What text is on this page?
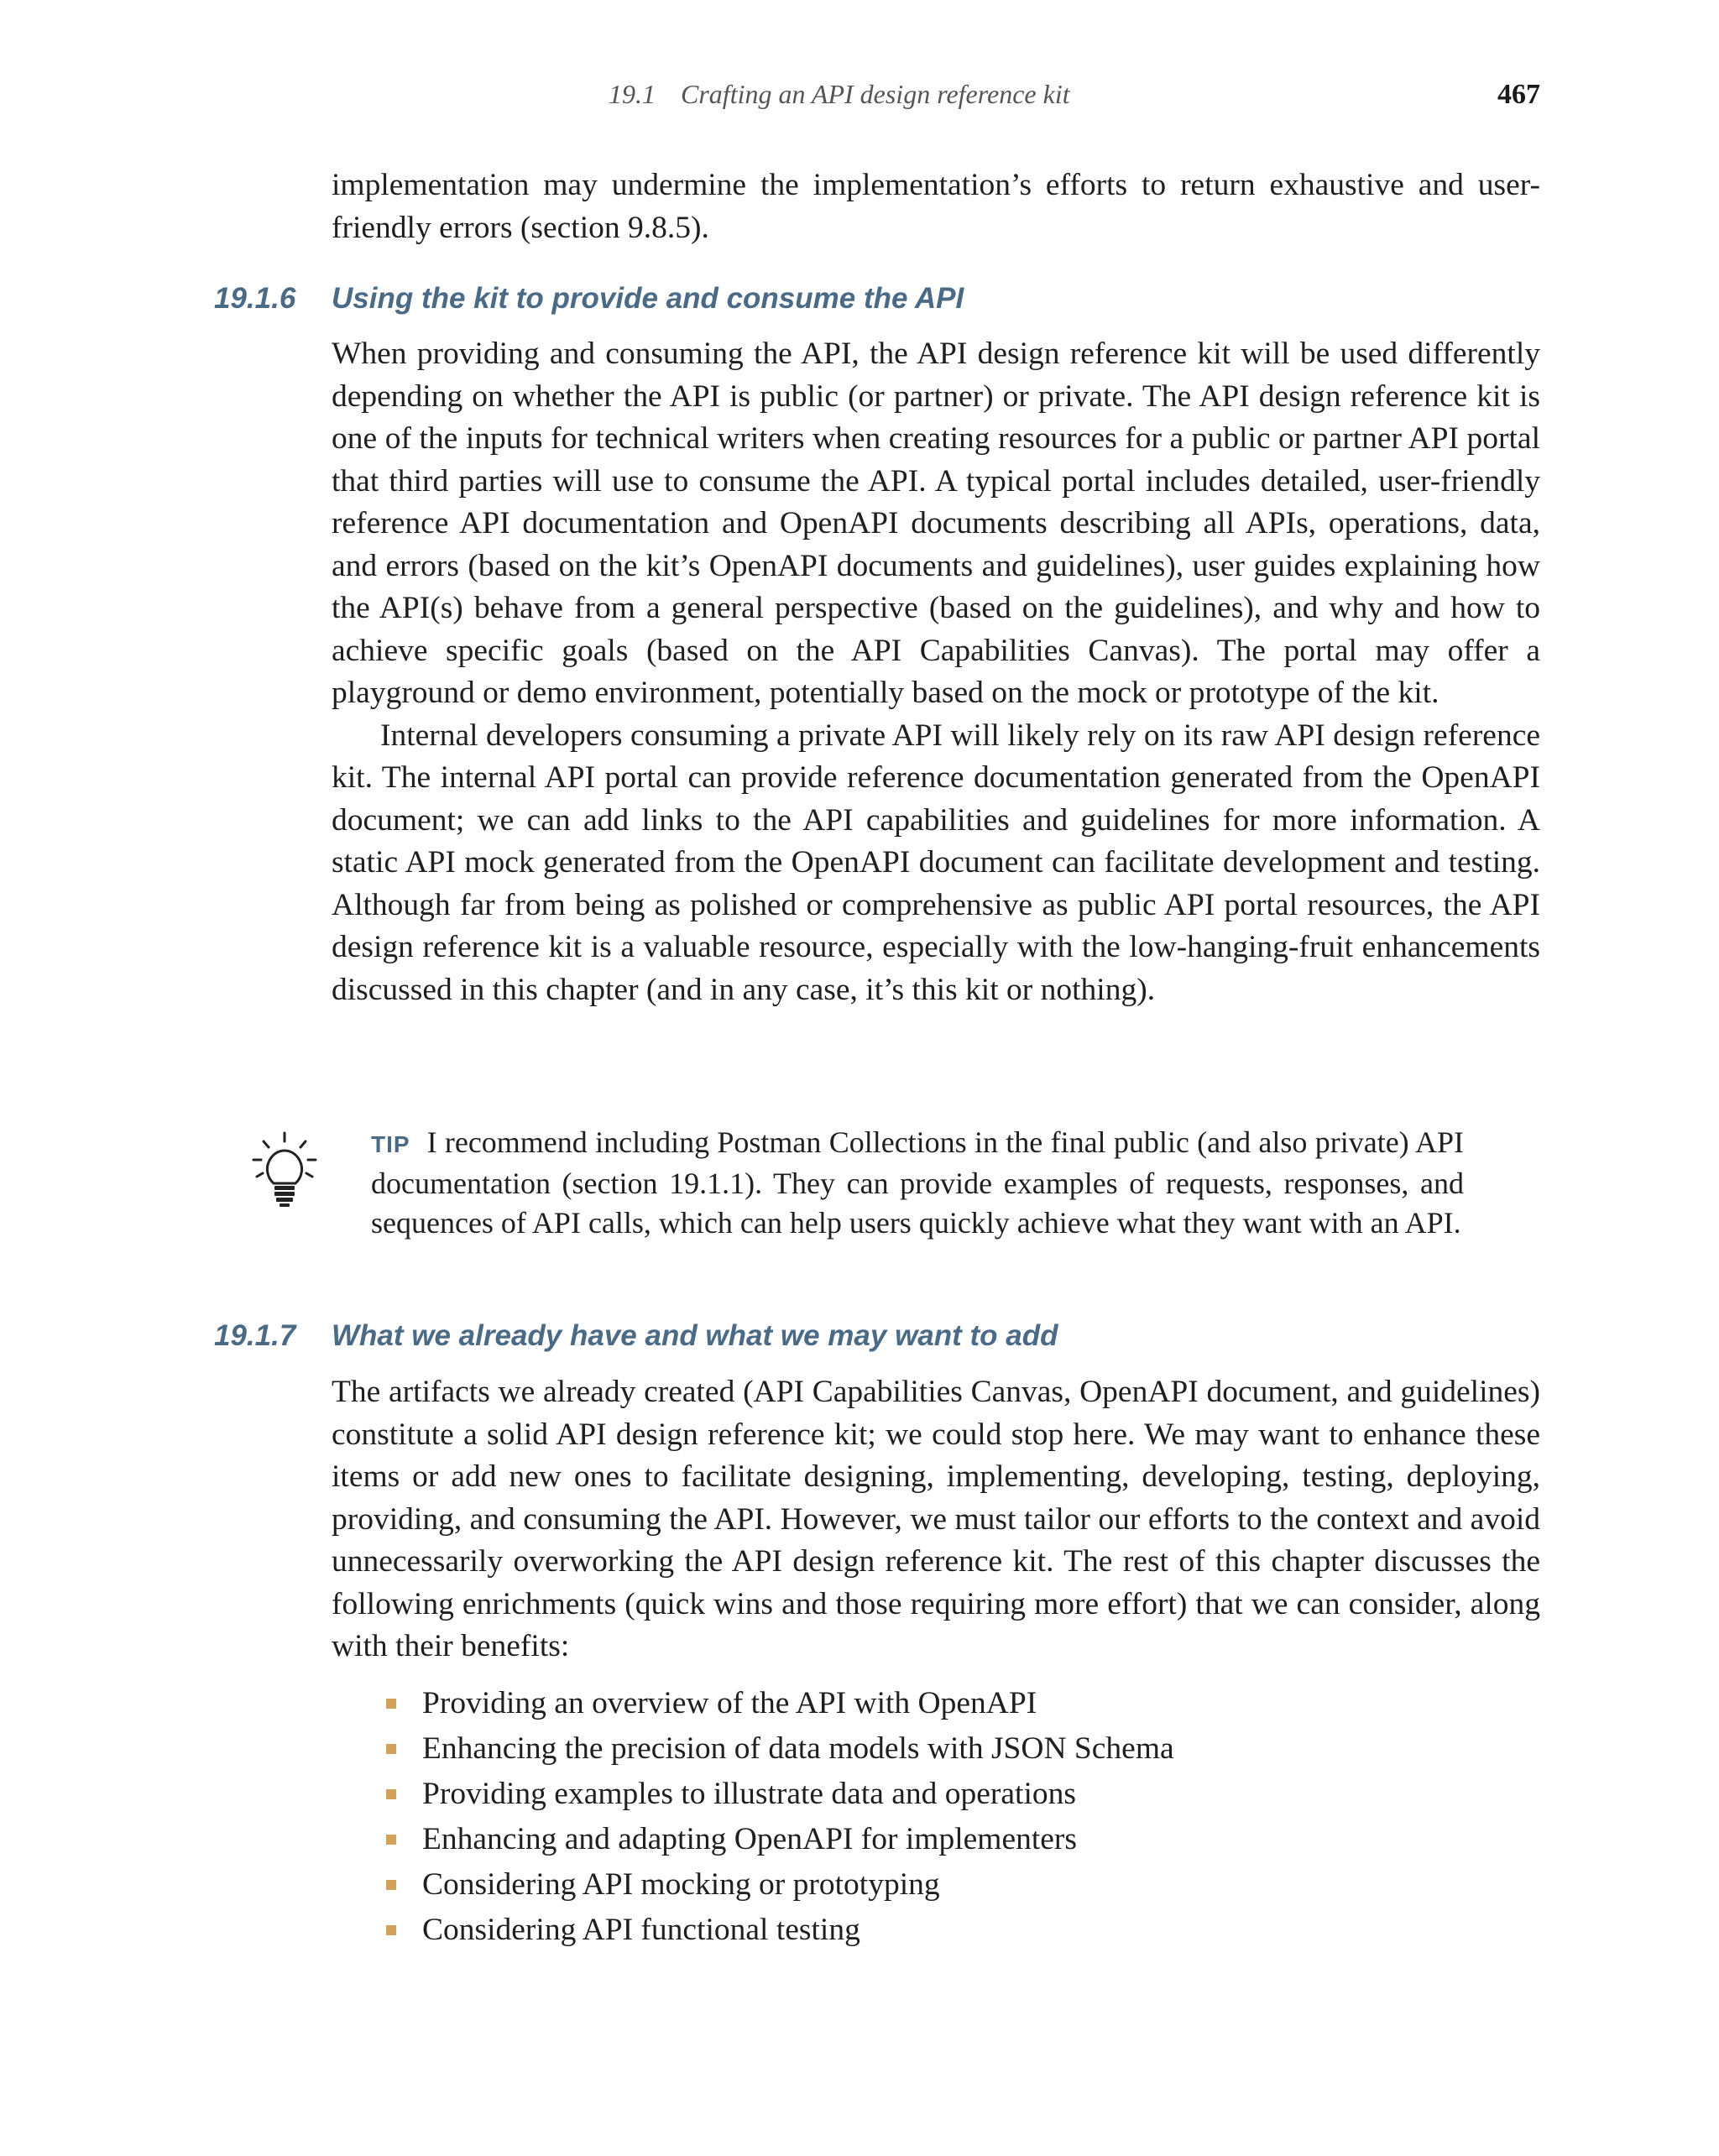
19.1 Crafting an API design reference kit	467

implementation may undermine the implementation’s efforts to return exhaustive and user-friendly errors (section 9.8.5).

19.1.6 Using the kit to provide and consume the API

When providing and consuming the API, the API design reference kit will be used differently depending on whether the API is public (or partner) or private. The API design reference kit is one of the inputs for technical writers when creating resources for a public or partner API portal that third parties will use to consume the API. A typical portal includes detailed, user-friendly reference API documentation and OpenAPI documents describing all APIs, operations, data, and errors (based on the kit’s OpenAPI documents and guidelines), user guides explaining how the API(s) behave from a general perspective (based on the guidelines), and why and how to achieve specific goals (based on the API Capabilities Canvas). The portal may offer a playground or demo environment, potentially based on the mock or prototype of the kit.

Internal developers consuming a private API will likely rely on its raw API design reference kit. The internal API portal can provide reference documentation generated from the OpenAPI document; we can add links to the API capabilities and guidelines for more information. A static API mock generated from the OpenAPI document can facilitate development and testing. Although far from being as polished or comprehensive as public API portal resources, the API design reference kit is a valuable resource, especially with the low-hanging-fruit enhancements discussed in this chapter (and in any case, it’s this kit or nothing).

TIP I recommend including Postman Collections in the final public (and also private) API documentation (section 19.1.1). They can provide examples of requests, responses, and sequences of API calls, which can help users quickly achieve what they want with an API.

19.1.7 What we already have and what we may want to add

The artifacts we already created (API Capabilities Canvas, OpenAPI document, and guidelines) constitute a solid API design reference kit; we could stop here. We may want to enhance these items or add new ones to facilitate designing, implementing, developing, testing, deploying, providing, and consuming the API. However, we must tailor our efforts to the context and avoid unnecessarily overworking the API design reference kit. The rest of this chapter discusses the following enrichments (quick wins and those requiring more effort) that we can consider, along with their benefits:

Providing an overview of the API with OpenAPI
Enhancing the precision of data models with JSON Schema
Providing examples to illustrate data and operations
Enhancing and adapting OpenAPI for implementers
Considering API mocking or prototyping
Considering API functional testing
